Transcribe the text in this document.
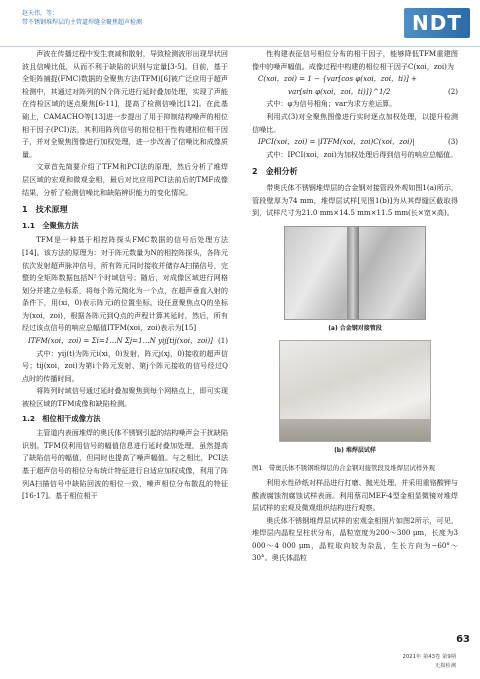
赵天伟，等：
带不锈钢堆焊层的主管道焊缝全聚焦超声检测	NDT

声波在传播过程中发生衰减和散射，导致检测波形出现旱状回波且信噪比低，从而不利于缺陷的识别与定量[3-5]。目前，基于全矩阵捕捉(FMC)数据的全聚焦方法(TFM)[6]被广泛应用于超声检测中，其通过对阵列的N个阵元进行延时叠加处理，实现了声能在待检区域的逐点聚焦[6-11]，提高了检测信噪比[12]。在此基础上，CAMACHO等[13]进一步提出了用于抑制结构噪声的相位相干因子(PCI)法，其利用阵列信号的相位相干性构建相位相干因子，并对全聚焦图像进行加权处理，进一步改善了信噪比和成像质量。

文章首先简要介绍了TFM和PCI法的原理，然后分析了堆焊层区域的宏观和微观金相，最后对比应用PCI法前后的TMF成像结果，分析了检测信噪比和缺陷辨识能力的变化情况。

1　技术原理

1.1　全聚焦方法

TFM是一种基于相控阵探头FMC数据的信号后处理方法[14]。该方法的原理为：对于阵元数量为N的相控阵探头，各阵元依次发射超声脉冲信号，所有阵元同时接收并储存A扫描信号，完整的全矩阵数据包括N²个时域信号；随后，对成像区域进行网格划分并建立坐标系，将每个阵元简化为一个点，在超声垂直入射的条件下，用(xi，0)表示阵元i的位置坐标。设任意聚焦点Q的坐标为(xoi，zoi)，根据各阵元到Q点的声程计算其延时，然后，所有经过该点信号的响应总幅值ITFM(xoi，zoi)表示为[15]

ITFM(xoi，zoi) = Σi=1…N Σj=1…N yij[tij(xoi，zoi)] (1)

式中：yij(t)为阵元i(xi，0)发射，阵元j(xj，0)接收的超声信号；tij(xoi，zoi)为第i个阵元发射、第j个阵元接收的信号经过Q点时的传播时间。

将阵列时域信号通过延时叠加聚焦到每个网格点上，即可实现被检区域的TFM成像和缺陷检测。

1.2　相位相干成像方法

主管道内表面堆焊的奥氏体不锈钢引起的结构噪声会干扰缺陷识别。TFM仅利用信号的幅值信息进行延时叠加处理，虽然提高了缺陷信号的幅值，但同时也提高了噪声幅值。与之相比，PCI法基于超声信号的相位分布统计特征进行自适应加权成像，利用了阵列A扫描信号中缺陷回波的相位一致，噪声相位分布散乱的特征[16-17]。基于相位相干

性构建表征信号相位分布的相干因子，能够降低TFM重建图像中的噪声幅值。成像过程中构建的相位相干因子C(xoi，zoi)为

C(xoi，zoi) = 1 − {var[cos φ(xoi，zoi，ti)] +

var[sin φ(xoi，zoi，ti)]}^1/2	(2)

式中：φ为信号相角；var为求方差运算。

利用式(3)对全聚焦图像进行实时逐点加权处理，以提升检测信噪比。

IPCI(xoi，zoi) = |ITFM(xoi，zoi)C(xoi，zoi)|	(3)

式中：IPCI(xoi，zoi)为加权处理后得到信号的响应总幅值。

2　金相分析

带奥氏体不锈钢堆焊层的合金钢对接管段外观如图1(a)所示，管段壁厚为74 mm，堆焊层试样[见图1(b)]为从其焊缝区截取得到，试样尺寸为21.0 mm×14.5 mm×11.5 mm(长×宽×高)。

(a) 合金钢对接管段

(b) 堆焊层试样

图1　带奥氏体不锈钢堆焊层的合金钢对接管段及堆焊层试样外观

利用水性砂纸对样品进行打磨、抛光处理，并采用重铬酸钾与酸液腐蚀剂腐蚀试样表面。利用蔡司MEF-4型金相显微镜对堆焊层试样的宏观及微观组织结构进行观察。

奥氏体不锈钢堆焊层试样的宏观金相照片如图2所示，可见，堆焊层内晶粒呈柱状分布，晶粒宽度为200～300 μm，长度为3 000～4 000 μm，晶粒取向较为杂乱，生长方向为−60°～30°。奥氏体晶粒

63
2021年 第43卷 第9期
无损检测
